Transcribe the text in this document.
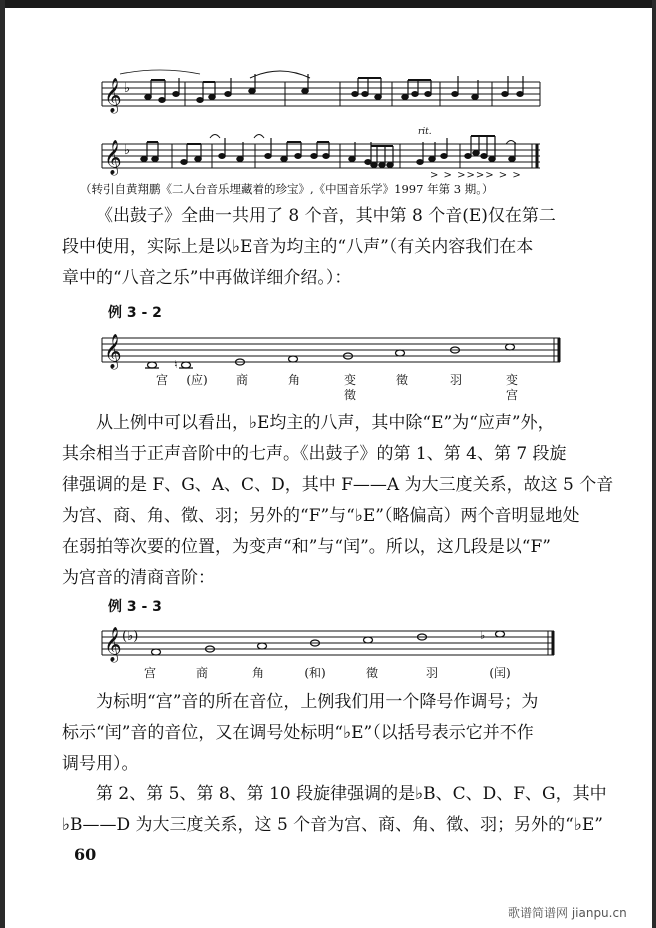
𝄞 ♭
𝄞 ♭
rit.
> > >>>> > >
（转引自黄翔鹏《二人台音乐埋藏着的珍宝》,《中国音乐学》1997 年第 3 期。）
《出鼓子》全曲一共用了 8 个音，其中第 8 个音(E)仅在第二
段中使用，实际上是以♭E音为均主的“八声”（有关内容我们在本
章中的“八音之乐”中再做详细介绍。）：
例 3 - 2
𝄞	♮
宫 (应) 商	角	变	徵	羽	变
徵	宫
从上例中可以看出，♭E均主的八声，其中除“E”为“应声”外，
其余相当于正声音阶中的七声。《出鼓子》的第 1、第 4、第 7 段旋
律强调的是 F、G、A、C、D，其中 F——A 为大三度关系，故这 5 个音
为宫、商、角、徵、羽；另外的“F”与“♭E”（略偏高）两个音明显地处
在弱拍等次要的位置，为变声“和”与“闰”。所以，这几段是以“F”
为宫音的清商音阶：
例 3 - 3
𝄞 (♭)	♭
宫	商	角	(和)	徵	羽	(闰)
为标明“宫”音的所在音位，上例我们用一个降号作调号；为
标示“闰”音的音位，又在调号处标明“♭E”（以括号表示它并不作
调号用）。
第 2、第 5、第 8、第 10 段旋律强调的是♭B、C、D、F、G，其中
♭B——D 为大三度关系，这 5 个音为宫、商、角、徵、羽；另外的“♭E”
60
歌谱简谱网 jianpu.cn
